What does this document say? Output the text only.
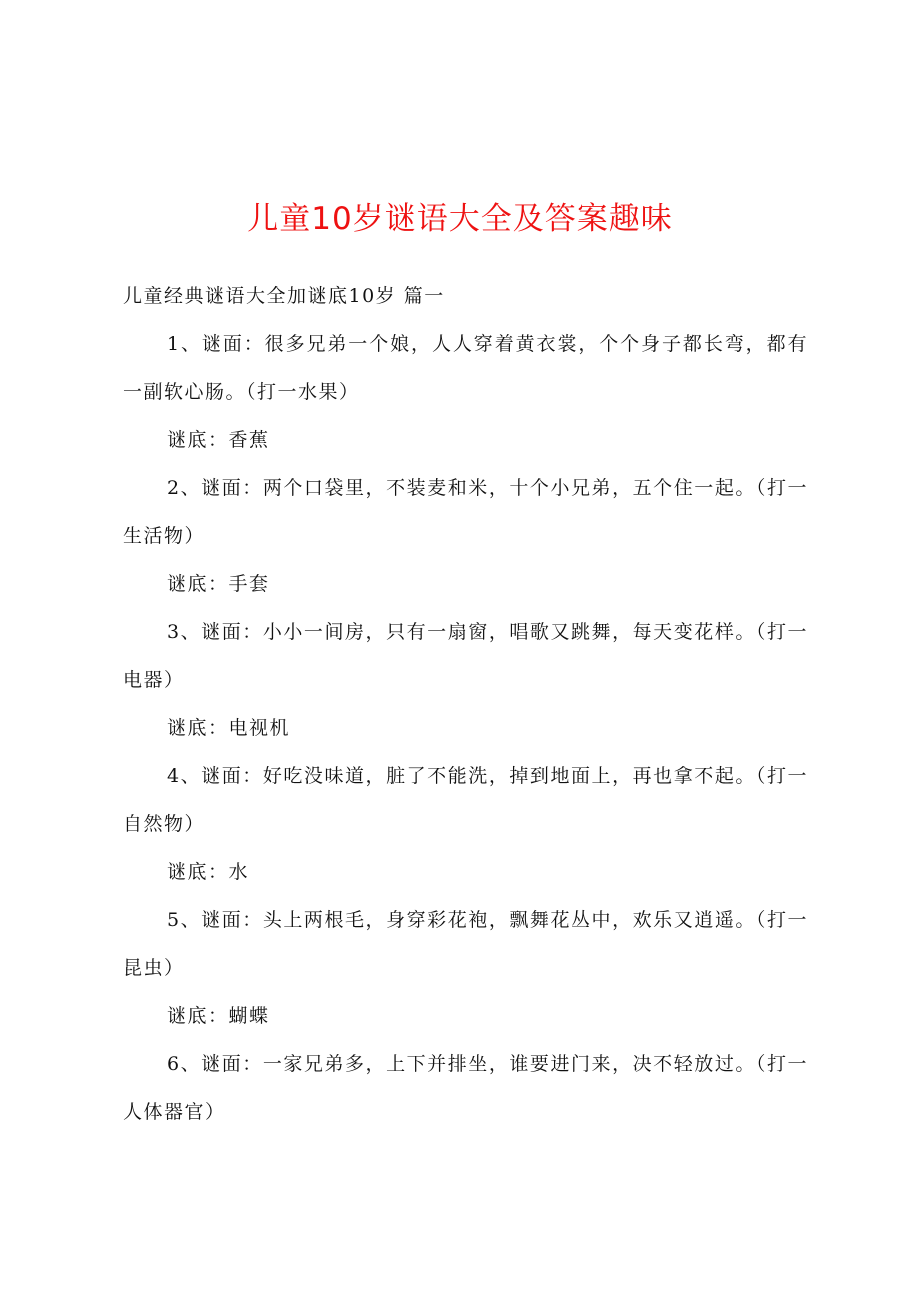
儿童10岁谜语大全及答案趣味

儿童经典谜语大全加谜底10岁 篇一

1、谜面：很多兄弟一个娘，人人穿着黄衣裳，个个身子都长弯，都有一副软心肠。（打一水果）

谜底：香蕉

2、谜面：两个口袋里，不装麦和米，十个小兄弟，五个住一起。（打一生活物）

谜底：手套

3、谜面：小小一间房，只有一扇窗，唱歌又跳舞，每天变花样。（打一电器）

谜底：电视机

4、谜面：好吃没味道，脏了不能洗，掉到地面上，再也拿不起。（打一自然物）

谜底：水

5、谜面：头上两根毛，身穿彩花袍，飘舞花丛中，欢乐又逍遥。（打一昆虫）

谜底：蝴蝶

6、谜面：一家兄弟多，上下并排坐，谁要进门来，决不轻放过。（打一人体器官）
